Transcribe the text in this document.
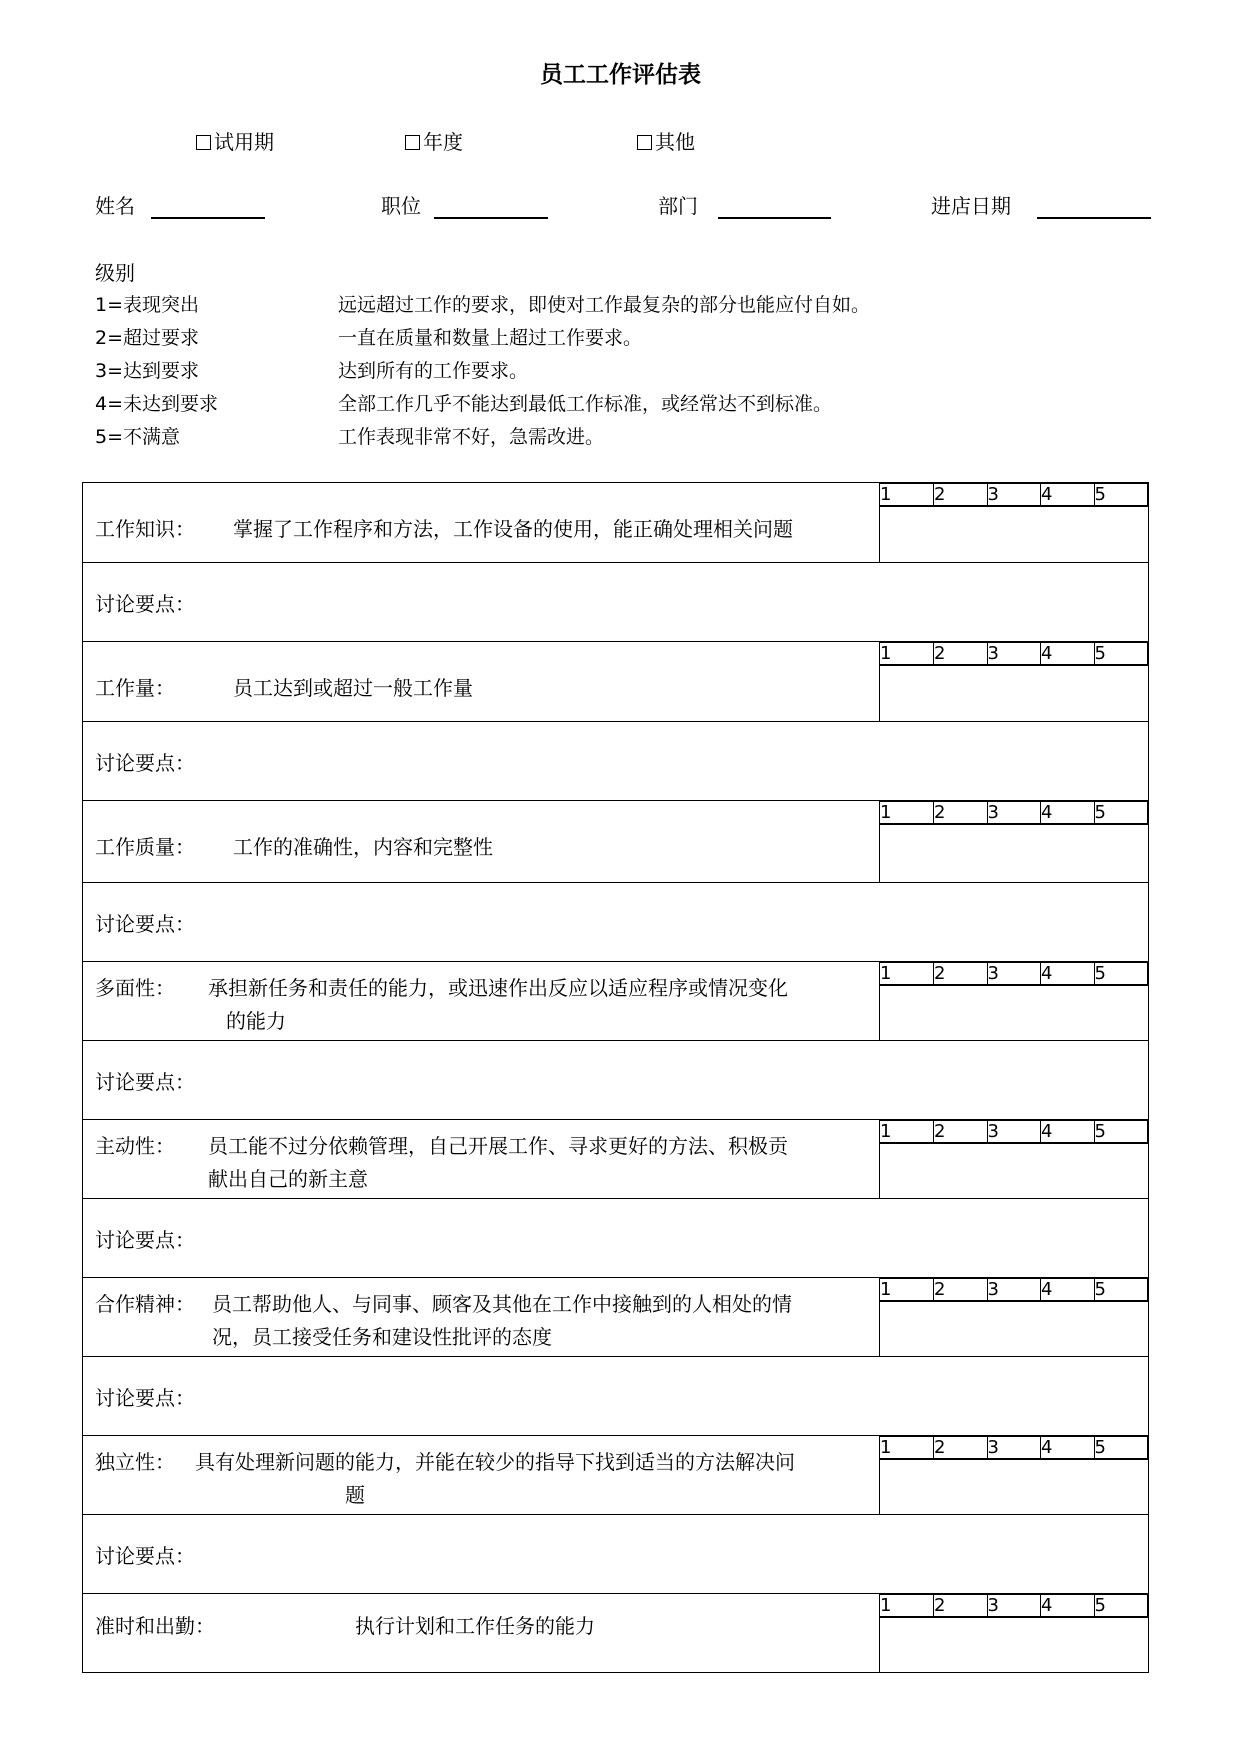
员工工作评估表
试用期	年度	其他
姓名	职位	部门	进店日期
级别
1=表现突出	远远超过工作的要求，即使对工作最复杂的部分也能应付自如。
2=超过要求	一直在质量和数量上超过工作要求。
3=达到要求	达到所有的工作要求。
4=未达到要求	全部工作几乎不能达到最低工作标准，或经常达不到标准。
5=不满意	工作表现非常不好，急需改进。
工作知识： 掌握了工作程序和方法，工作设备的使用，能正确处理相关问题

1	2	3	4	5

讨论要点：

工作量：	员工达到或超过一般工作量

1	2	3	4	5

讨论要点：

工作质量： 工作的准确性，内容和完整性

1	2	3	4	5

讨论要点：

多面性： 承担新任务和责任的能力，或迅速作出反应以适应程序或情况变化
的能力

1	2	3	4	5

讨论要点：

主动性： 员工能不过分依赖管理，自己开展工作、寻求更好的方法、积极贡
献出自己的新主意

1	2	3	4	5

讨论要点：

合作精神： 员工帮助他人、与同事、顾客及其他在工作中接触到的人相处的情
况，员工接受任务和建设性批评的态度

1	2	3	4	5

讨论要点：

独立性： 具有处理新问题的能力，并能在较少的指导下找到适当的方法解决问
题

1	2	3	4	5

讨论要点：

准时和出勤：	执行计划和工作任务的能力

1	2	3	4	5
